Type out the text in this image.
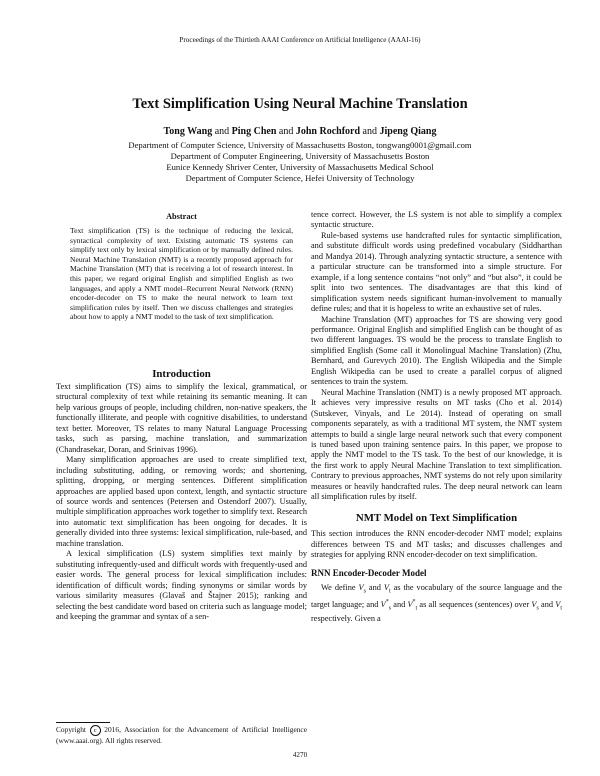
Proceedings of the Thirtieth AAAI Conference on Artificial Intelligence (AAAI-16)
Text Simplification Using Neural Machine Translation
Tong Wang and Ping Chen and John Rochford and Jipeng Qiang
Department of Computer Science, University of Massachusetts Boston, tongwang0001@gmail.com
Department of Computer Engineering, University of Massachusetts Boston
Eunice Kennedy Shriver Center, University of Massachusetts Medical School
Department of Computer Science, Hefei University of Technology
Abstract
Text simplification (TS) is the technique of reducing the lexical, syntactical complexity of text. Existing automatic TS systems can simplify text only by lexical simplification or by manually defined rules. Neural Machine Translation (NMT) is a recently proposed approach for Machine Translation (MT) that is receiving a lot of research interest. In this paper, we regard original English and simplified English as two languages, and apply a NMT model–Recurrent Neural Network (RNN) encoder-decoder on TS to make the neural network to learn text simplification rules by itself. Then we discuss challenges and strategies about how to apply a NMT model to the task of text simplification.
Introduction

Text simplification (TS) aims to simplify the lexical, grammatical, or structural complexity of text while retaining its semantic meaning. It can help various groups of people, including children, non-native speakers, the functionally illiterate, and people with cognitive disabilities, to understand text better. Moreover, TS relates to many Natural Language Processing tasks, such as parsing, machine translation, and summarization (Chandrasekar, Doran, and Srinivas 1996).

Many simplification approaches are used to create simplified text, including substituting, adding, or removing words; and shortening, splitting, dropping, or merging sentences. Different simplification approaches are applied based upon context, length, and syntactic structure of source words and sentences (Petersen and Ostendorf 2007). Usually, multiple simplification approaches work together to simplify text. Research into automatic text simplification has been ongoing for decades. It is generally divided into three systems: lexical simplification, rule-based, and machine translation.

A lexical simplification (LS) system simplifies text mainly by substituting infrequently-used and difficult words with frequently-used and easier words. The general process for lexical simplification includes: identification of difficult words; finding synonyms or similar words by various similarity measures (Glavaš and Štajner 2015); ranking and selecting the best candidate word based on criteria such as language model; and keeping the grammar and syntax of a sen-

Copyright c 2016, Association for the Advancement of Artificial Intelligence (www.aaai.org). All rights reserved.

tence correct. However, the LS system is not able to simplify a complex syntactic structure.

Rule-based systems use handcrafted rules for syntactic simplification, and substitute difficult words using predefined vocabulary (Siddharthan and Mandya 2014). Through analyzing syntactic structure, a sentence with a particular structure can be transformed into a simple structure. For example, if a long sentence contains “not only” and “but also”, it could be split into two sentences. The disadvantages are that this kind of simplification system needs significant human-involvement to manually define rules; and that it is hopeless to write an exhaustive set of rules.

Machine Translation (MT) approaches for TS are showing very good performance. Original English and simplified English can be thought of as two different languages. TS would be the process to translate English to simplified English (Some call it Monolingual Machine Translation) (Zhu, Bernhard, and Gurevych 2010). The English Wikipedia and the Simple English Wikipedia can be used to create a parallel corpus of aligned sentences to train the system.

Neural Machine Translation (NMT) is a newly proposed MT approach. It achieves very impressive results on MT tasks (Cho et al. 2014) (Sutskever, Vinyals, and Le 2014). Instead of operating on small components separately, as with a traditional MT system, the NMT system attempts to build a single large neural network such that every component is tuned based upon training sentence pairs. In this paper, we propose to apply the NMT model to the TS task. To the best of our knowledge, it is the first work to apply Neural Machine Translation to text simplification. Contrary to previous approaches, NMT systems do not rely upon similarity measures or heavily handcrafted rules. The deep neural network can learn all simplification rules by itself.

NMT Model on Text Simplification

This section introduces the RNN encoder-decoder NMT model; explains differences between TS and MT tasks; and discusses challenges and strategies for applying RNN encoder-decoder on text simplification.

RNN Encoder-Decoder Model

We define $V_s$ and $V_t$ as the vocabulary of the source language and the target language; and $V^*_s$ and $V^*_t$ as all sequences (sentences) over $V_s$ and $V_t$ respectively. Given a

4270
